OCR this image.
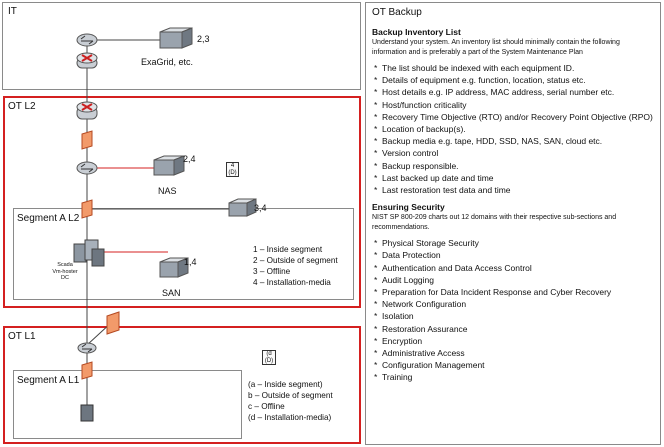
IT
OT L2
Segment A L2
OT L1
Segment A L1
2,3
ExaGrid, etc.
2,4
NAS
3,4
Scada
Vm-hoster
DC
1,4
SAN
4
(D)
(d
(D)
1 – Inside segment
2 – Outside of segment
3 – Offline
4 – Installation-media
(a – Inside segment)
b – Outside of segment
c – Offline
(d – Installation-media)
OT Backup
Backup Inventory List
Understand your system. An inventory list should minimally contain the following information and is preferably a part of the System Maintenance Plan
* The list should be indexed with each equipment ID.
* Details of equipment e.g. function, location, status etc.
* Host details e.g. IP address, MAC address, serial number etc.
* Host/function criticality
* Recovery Time Objective (RTO) and/or Recovery Point Objective (RPO)
* Location of backup(s).
* Backup media e.g. tape, HDD, SSD, NAS, SAN, cloud etc.
* Version control
* Backup responsible.
* Last backed up date and time
* Last restoration test data and time
Ensuring Security
NIST SP 800-209 charts out 12 domains with their respective sub-sections and recommendations.
* Physical Storage Security
* Data Protection
* Authentication and Data Access Control
* Audit Logging
* Preparation for Data Incident Response and Cyber Recovery
* Network Configuration
* Isolation
* Restoration Assurance
* Encryption
* Administrative Access
* Configuration Management
* Training
